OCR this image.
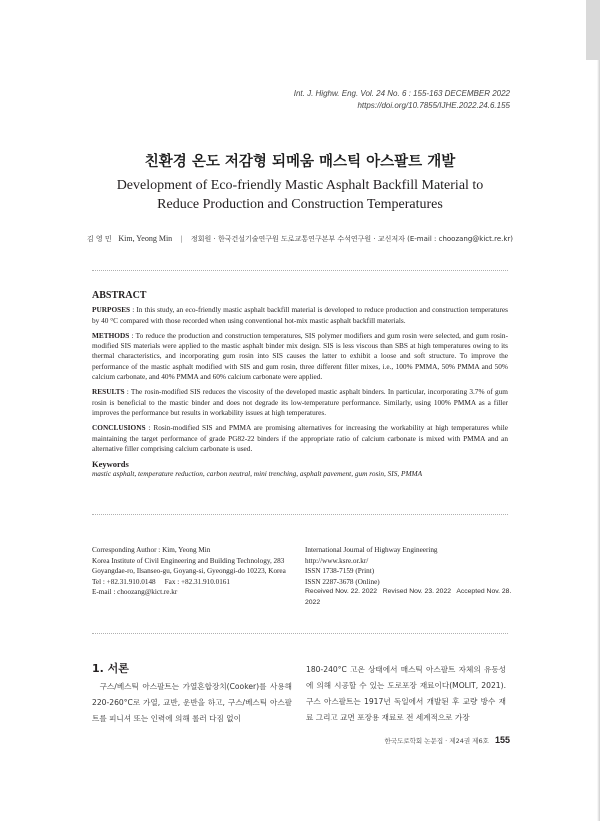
Int. J. Highw. Eng. Vol. 24 No. 6 : 155-163 DECEMBER 2022
https://doi.org/10.7855/IJHE.2022.24.6.155
친환경 온도 저감형 되메움 매스틱 아스팔트 개발
Development of Eco-friendly Mastic Asphalt Backfill Material to Reduce Production and Construction Temperatures
김 영 민 Kim, Yeong Min | 정회원 · 한국건설기술연구원 도로교통연구본부 수석연구원 · 교신저자 (E-mail : choozang@kict.re.kr)
ABSTRACT

PURPOSES : In this study, an eco-friendly mastic asphalt backfill material is developed to reduce production and construction temperatures by 40 °C compared with those recorded when using conventional hot-mix mastic asphalt backfill materials.

METHODS : To reduce the production and construction temperatures, SIS polymer modifiers and gum rosin were selected, and gum rosin-modified SIS materials were applied to the mastic asphalt binder mix design. SIS is less viscous than SBS at high temperatures owing to its thermal characteristics, and incorporating gum rosin into SIS causes the latter to exhibit a loose and soft structure. To improve the performance of the mastic asphalt modified with SIS and gum rosin, three different filler mixes, i.e., 100% PMMA, 50% PMMA and 50% calcium carbonate, and 40% PMMA and 60% calcium carbonate were applied.

RESULTS : The rosin-modified SIS reduces the viscosity of the developed mastic asphalt binders. In particular, incorporating 3.7% of gum rosin is beneficial to the mastic binder and does not degrade its low-temperature performance. Similarly, using 100% PMMA as a filler improves the performance but results in workability issues at high temperatures.

CONCLUSIONS : Rosin-modified SIS and PMMA are promising alternatives for increasing the workability at high temperatures while maintaining the target performance of grade PG82-22 binders if the appropriate ratio of calcium carbonate is mixed with PMMA and an alternative filler comprising calcium carbonate is used.

Keywords

mastic asphalt, temperature reduction, carbon neutral, mini trenching, asphalt pavement, gum rosin, SIS, PMMA

Corresponding Author : Kim, Yeong Min
Korea Institute of Civil Engineering and Building Technology, 283
Goyangdae-ro, Ilsanseo-gu, Goyang-si, Gyeonggi-do 10223, Korea
Tel : +82.31.910.0148     Fax : +82.31.910.0161
E-mail : choozang@kict.re.kr
International Journal of Highway Engineering
http://www.ksre.or.kr/
ISSN 1738-7159 (Print)
ISSN 2287-3678 (Online)
Received Nov. 22. 2022 Revised Nov. 23. 2022 Accepted Nov. 28. 2022
1. 서론
구스/베스틱 아스팔트는 가열혼합장치(Cooker)를 사용해 220-260°C로 가열, 교반, 운반을 하고, 구스/베스틱 아스팔트를 피니셔 또는 인력에 의해 롤러 다짐 없이
180-240°C 고온 상태에서 매스틱 아스팔트 자체의 유동성에 의해 시공할 수 있는 도로포장 재료이다(MOLIT, 2021). 구스 아스팔트는 1917년 독일에서 개발된 후 교량 방수 재료 그리고 교면 포장용 재료로 전 세계적으로 가장
한국도로학회 논문집 · 제24권 제6호 155
